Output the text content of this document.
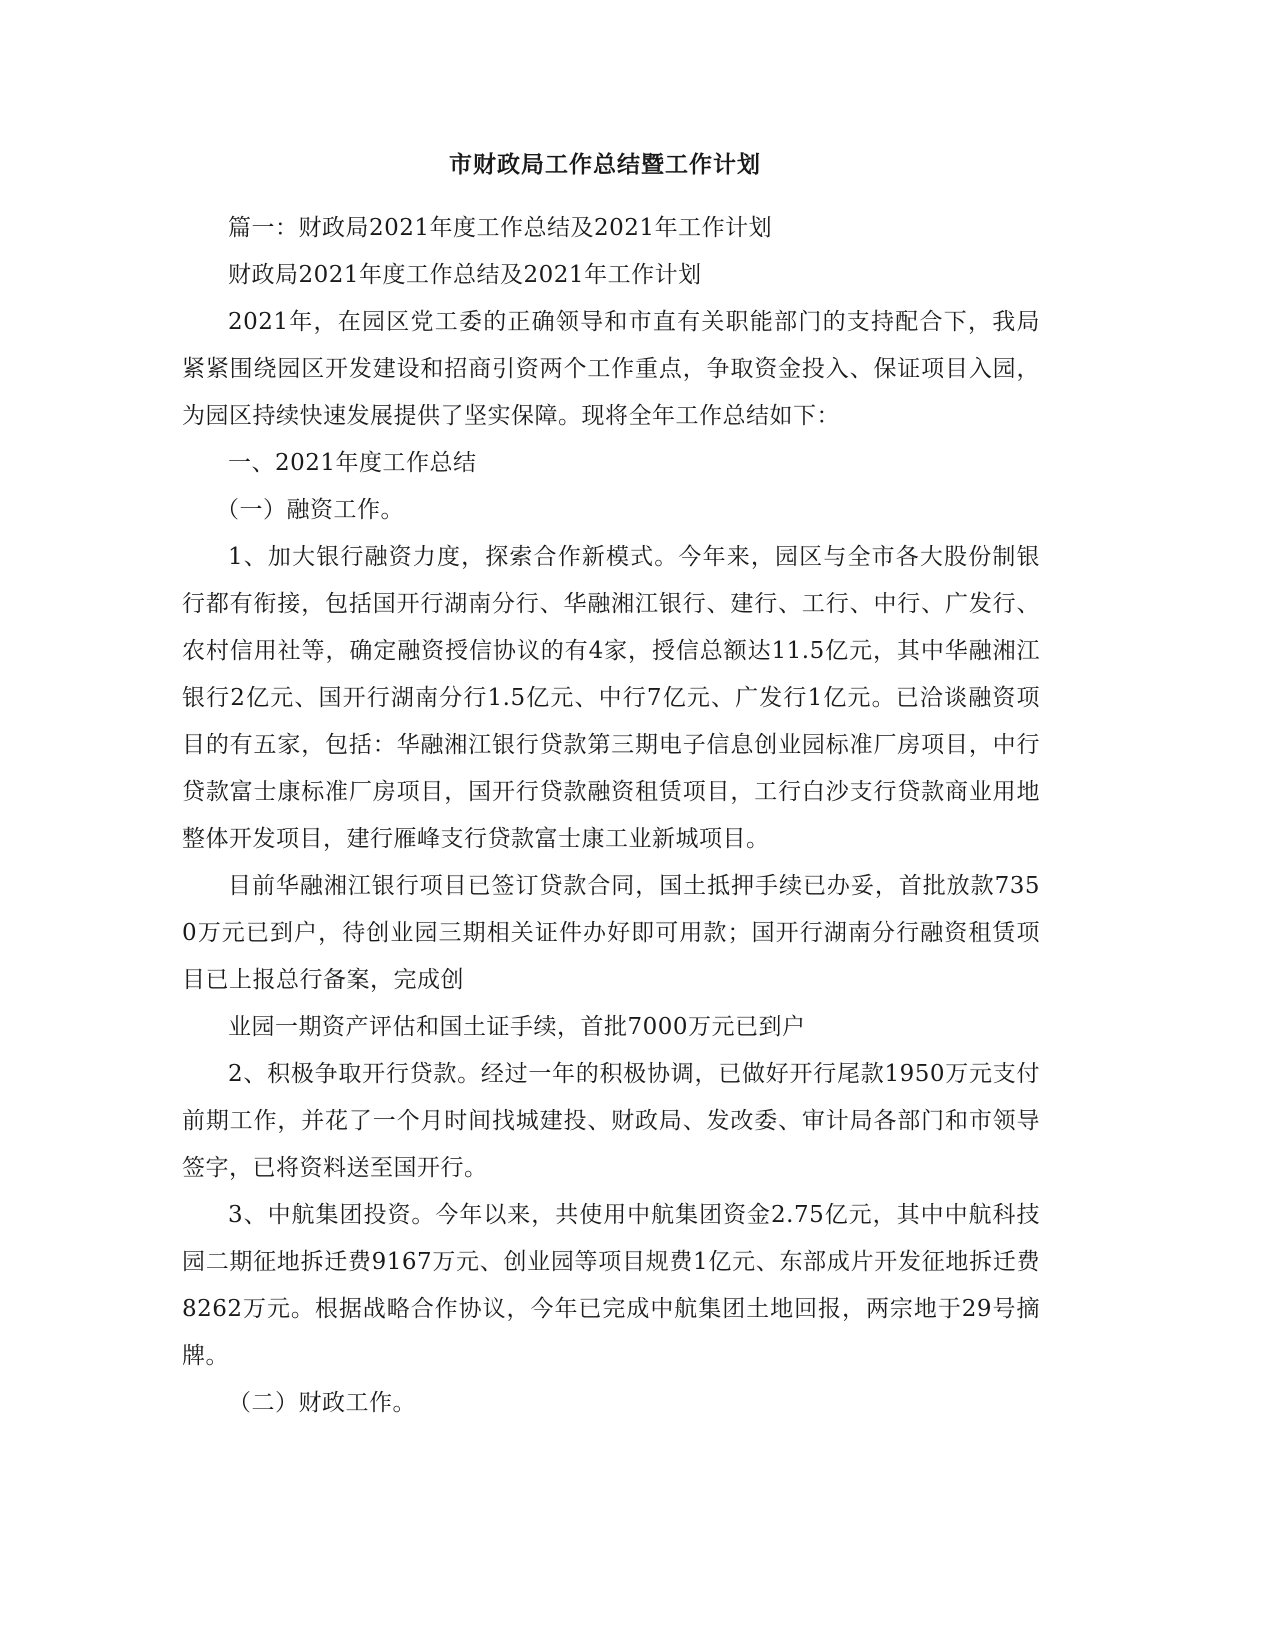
市财政局工作总结暨工作计划

篇一：财政局2021年度工作总结及2021年工作计划

财政局2021年度工作总结及2021年工作计划

2021年，在园区党工委的正确领导和市直有关职能部门的支持配合下，我局紧紧围绕园区开发建设和招商引资两个工作重点，争取资金投入、保证项目入园，为园区持续快速发展提供了坚实保障。现将全年工作总结如下：

一、2021年度工作总结

（一）融资工作。

1、加大银行融资力度，探索合作新模式。今年来，园区与全市各大股份制银行都有衔接，包括国开行湖南分行、华融湘江银行、建行、工行、中行、广发行、农村信用社等，确定融资授信协议的有4家，授信总额达11.5亿元，其中华融湘江银行2亿元、国开行湖南分行1.5亿元、中行7亿元、广发行1亿元。已洽谈融资项目的有五家，包括：华融湘江银行贷款第三期电子信息创业园标准厂房项目，中行贷款富士康标准厂房项目，国开行贷款融资租赁项目，工行白沙支行贷款商业用地整体开发项目，建行雁峰支行贷款富士康工业新城项目。

目前华融湘江银行项目已签订贷款合同，国土抵押手续已办妥，首批放款7350万元已到户，待创业园三期相关证件办好即可用款；国开行湖南分行融资租赁项目已上报总行备案，完成创

业园一期资产评估和国土证手续，首批7000万元已到户

2、积极争取开行贷款。经过一年的积极协调，已做好开行尾款1950万元支付前期工作，并花了一个月时间找城建投、财政局、发改委、审计局各部门和市领导签字，已将资料送至国开行。

3、中航集团投资。今年以来，共使用中航集团资金2.75亿元，其中中航科技园二期征地拆迁费9167万元、创业园等项目规费1亿元、东部成片开发征地拆迁费8262万元。根据战略合作协议，今年已完成中航集团土地回报，两宗地于29号摘牌。

（二）财政工作。
